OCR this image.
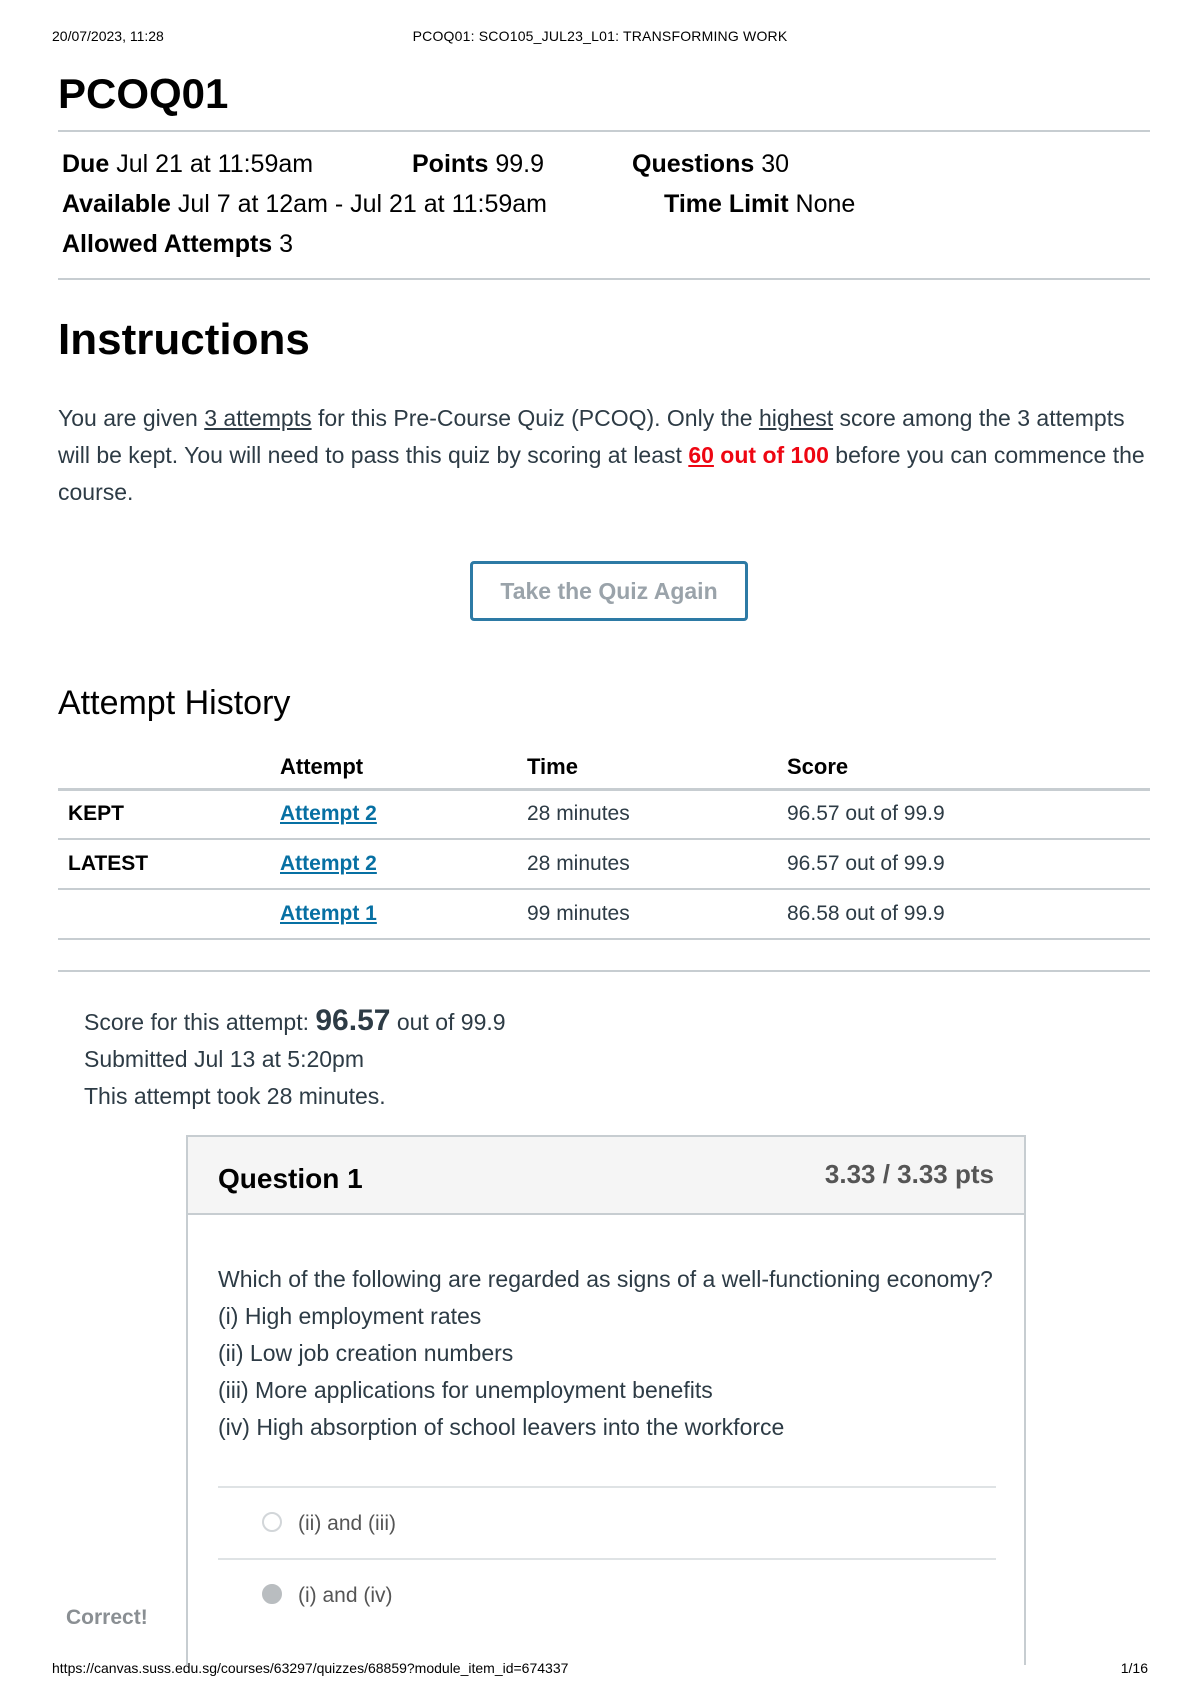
20/07/2023, 11:28	PCOQ01: SCO105_JUL23_L01: TRANSFORMING WORK
PCOQ01
Due Jul 21 at 11:59am	Points 99.9	Questions 30
Available Jul 7 at 12am - Jul 21 at 11:59am	Time Limit None
Allowed Attempts 3
Instructions

You are given 3 attempts for this Pre-Course Quiz (PCOQ). Only the highest score among the 3 attempts will be kept. You will need to pass this quiz by scoring at least 60 out of 100 before you can commence the course.

Take the Quiz Again
Attempt History
	Attempt	Time	Score
KEPT	Attempt 2	28 minutes	96.57 out of 99.9
LATEST	Attempt 2	28 minutes	96.57 out of 99.9
	Attempt 1	99 minutes	86.58 out of 99.9
Score for this attempt: 96.57 out of 99.9
Submitted Jul 13 at 5:20pm
This attempt took 28 minutes.
Question 1	3.33 / 3.33 pts
Which of the following are regarded as signs of a well-functioning economy?
(i) High employment rates
(ii) Low job creation numbers
(iii) More applications for unemployment benefits
(iv) High absorption of school leavers into the workforce
(ii) and (iii)
(i) and (iv)
Correct!
https://canvas.suss.edu.sg/courses/63297/quizzes/68859?module_item_id=674337	1/16
